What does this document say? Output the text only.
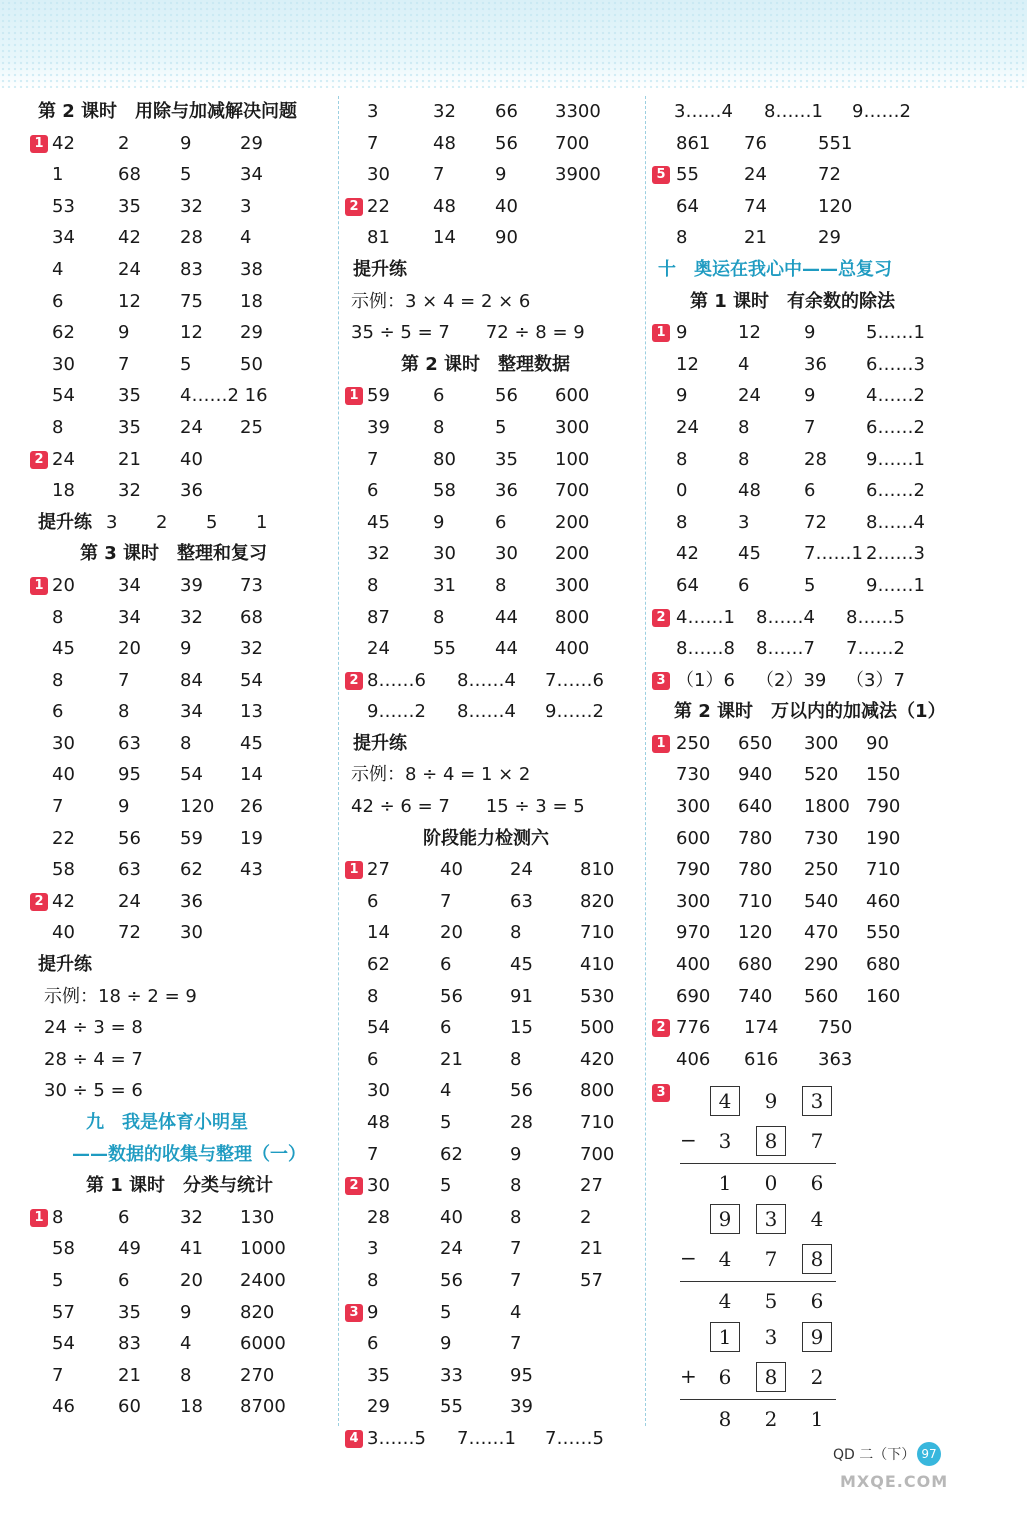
第 2 课时　用除与加减解决问题
1 42 2	9	29
1	68 5	34
53 35 32 3
34 42 28 4
4	24 83 38
6	12 75 18
62 9	12 29
30 7	5	50
54 35 4……2 16
8	35 24 25
2 24 21 40
18 32 36
提升练 3 2 5 1
第 3 课时　整理和复习
1 20 34 39 73
8	34 32 68
45 20 9	32
8	7	84 54
6	8	34 13
30 63 8	45
40 95 54 14
7	9	120 26
22 56 59 19
58 63 62 43
2 42 24 36
40 72 30
提升练
示例：18 ÷ 2 = 9
24 ÷ 3 = 8
28 ÷ 4 = 7
30 ÷ 5 = 6
九　我是体育小明星
——数据的收集与整理（一）
第 1 课时　分类与统计
1 8	6	32 130
58 49 41 1000
5	6	20 2400
57 35 9	820
54 83 4	6000
7	21 8	270
46 60 18 8700
3	32 66 3300
7	48 56 700
30 7	9	3900
2 22 48 40
81 14 90
提升练
示例：3 × 4 = 2 × 6
35 ÷ 5 = 7　　72 ÷ 8 = 9
第 2 课时　整理数据
1 59 6	56 600
39 8	5	300
7	80 35 100
6	58 36 700
45 9	6	200
32 30 30 200
8	31 8	300
87 8	44 800
24 55 44 400
2 8……6 8……4 7……6
9……2 8……4 9……2
提升练
示例：8 ÷ 4 = 1 × 2
42 ÷ 6 = 7　　15 ÷ 3 = 5
阶段能力检测六
1 27	40	24	810
6	7	63	820
14	20	8	710
62	6	45	410
8	56	91	530
54	6	15	500
6	21	8	420
30	4	56	800
48	5	28	710
7	62	9	700
2 30	5	8	27
28	40	8	2
3	24	7	21
8	56	7	57
3 9	5	4
6	9	7
35	33	95
29	55	39
4 3……5 7……1 7……5
3……4 8……1 9……2
861 76	551
5 55	24	72
64	74	120
8	21	29
十　奥运在我心中——总复习
第 1 课时　有余数的除法
1 9	12 9	5……1
12 4	36 6……3
9	24 9	4……2
24 8	7	6……2
8	8	28 9……1
0	48 6	6……2
8	3	72 8……4
42 45 7……1 2……3
64 6	5	9……1
2 4……1 8……4 8……5
8……8 8……7 7……2
3 （1）6 （2）39 （3）7
第 2 课时　万以内的加减法（1）
1 250 650 300 90
730 940 520 150
300 640 1800 790
600 780 730 190
790 780 250 710
300 710 540 460
970 120 470 550
400 680 290 680
690 740 560 160
2 776 174 750
406 616 363
3	4	9	3
−	3	8	7
1	0	6
9	3	4
−	4	7	8
4	5	6
1	3	9
+	6	8	2
8	2	1
QD 二（下） 97
MXQE.COM
